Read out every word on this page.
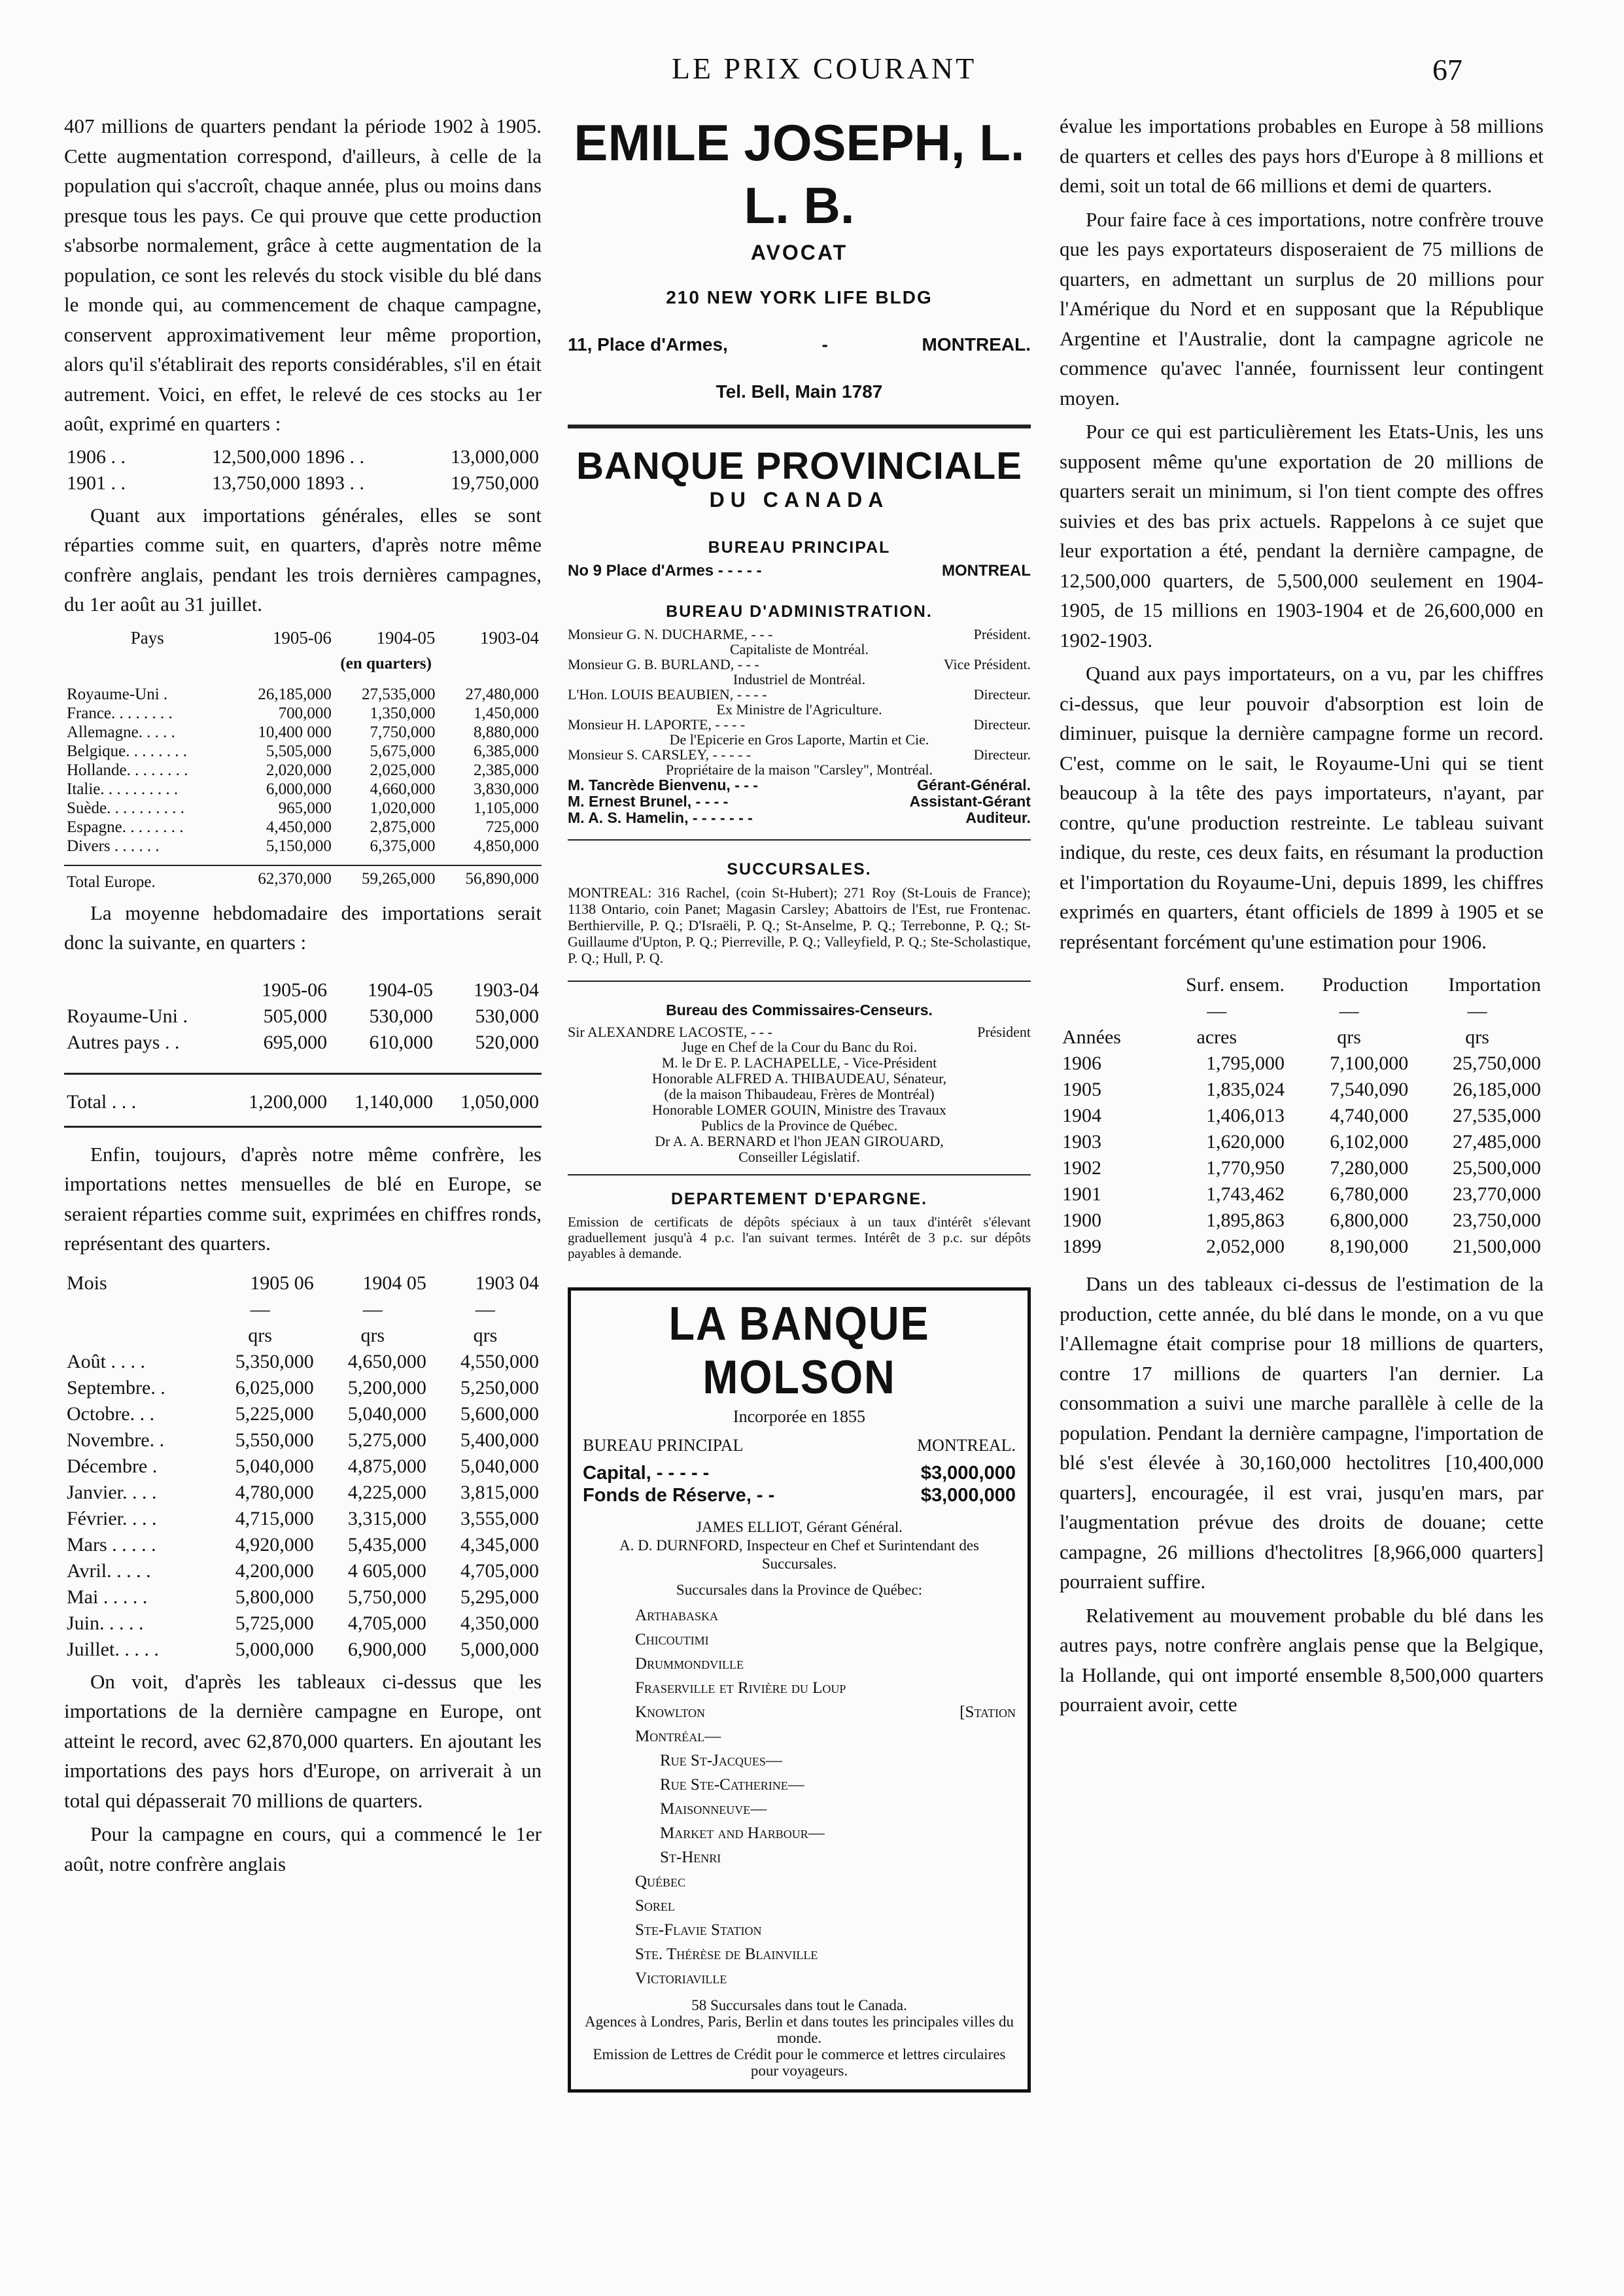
LE PRIX COURANT	67

407 millions de quarters pendant la période 1902 à 1905. Cette augmentation correspond, d'ailleurs, à celle de la population qui s'accroît, chaque année, plus ou moins dans presque tous les pays. Ce qui prouve que cette production s'absorbe normalement, grâce à cette augmentation de la population, ce sont les relevés du stock visible du blé dans le monde qui, au commencement de chaque campagne, conservent approximativement leur même proportion, alors qu'il s'établirait des reports considérables, s'il en était autrement. Voici, en effet, le relevé de ces stocks au 1er août, exprimé en quarters :

1906 . .	12,500,000	1896 . .	13,000,000
1901 . .	13,750,000	1893 . .	19,750,000

Quant aux importations générales, elles se sont réparties comme suit, en quarters, d'après notre même confrère anglais, pendant les trois dernières campagnes, du 1er août au 31 juillet.

Pays	1905-06	1904-05	1903-04
	(en quarters)		
Royaume-Uni .	26,185,000	27,535,000	27,480,000
France. . . . . . . .	700,000	1,350,000	1,450,000
Allemagne. . . . .	10,400 000	7,750,000	8,880,000
Belgique. . . . . . . .	5,505,000	5,675,000	6,385,000
Hollande. . . . . . . .	2,020,000	2,025,000	2,385,000
Italie. . . . . . . . . .	6,000,000	4,660,000	3,830,000
Suède. . . . . . . . . .	965,000	1,020,000	1,105,000
Espagne. . . . . . . .	4,450,000	2,875,000	725,000
Divers . . . . . .	5,150,000	6,375,000	4,850,000

Total Europe.	62,370,000	59,265,000	56,890,000

La moyenne hebdomadaire des importations serait donc la suivante, en quarters :

	1905-06	1904-05	1903-04
Royaume-Uni .	505,000	530,000	530,000
Autres pays . .	695,000	610,000	520,000

Total . . .	1,200,000	1,140,000	1,050,000

Enfin, toujours, d'après notre même confrère, les importations nettes mensuelles de blé en Europe, se seraient réparties comme suit, exprimées en chiffres ronds, représentant des quarters.

Mois	1905 06	1904 05	1903 04
	—	—	—
	qrs	qrs	qrs
Août . . . .	5,350,000	4,650,000	4,550,000
Septembre. .	6,025,000	5,200,000	5,250,000
Octobre. . .	5,225,000	5,040,000	5,600,000
Novembre. .	5,550,000	5,275,000	5,400,000
Décembre .	5,040,000	4,875,000	5,040,000
Janvier. . . .	4,780,000	4,225,000	3,815,000
Février. . . .	4,715,000	3,315,000	3,555,000
Mars . . . . .	4,920,000	5,435,000	4,345,000
Avril. . . . .	4,200,000	4 605,000	4,705,000
Mai . . . . .	5,800,000	5,750,000	5,295,000
Juin. . . . .	5,725,000	4,705,000	4,350,000
Juillet. . . . .	5,000,000	6,900,000	5,000,000

On voit, d'après les tableaux ci-dessus que les importations de la dernière campagne en Europe, ont atteint le record, avec 62,870,000 quarters. En ajoutant les importations des pays hors d'Europe, on arriverait à un total qui dépasserait 70 millions de quarters.

Pour la campagne en cours, qui a commencé le 1er août, notre confrère anglais

EMILE JOSEPH, L. L. B.

AVOCAT

210 NEW YORK LIFE BLDG

11, Place d'Armes,	-	MONTREAL.

Tel. Bell, Main 1787

BANQUE PROVINCIALE

DU CANADA

BUREAU PRINCIPAL
No 9 Place d'Armes - - - - -	MONTREAL
BUREAU D'ADMINISTRATION.
Monsieur G. N. DUCHARME, - - -	Président.
Capitaliste de Montréal.
Monsieur G. B. BURLAND, - - -	Vice Président.
Industriel de Montréal.
L'Hon. LOUIS BEAUBIEN, - - - -	Directeur.
Ex Ministre de l'Agriculture.
Monsieur H. LAPORTE, - - - -	Directeur.
De l'Epicerie en Gros Laporte, Martin et Cie.
Monsieur S. CARSLEY, - - - - -	Directeur.
Propriétaire de la maison "Carsley", Montréal.
M. Tancrède Bienvenu, - - -	Gérant-Général.
M. Ernest Brunel, - - - -	Assistant-Gérant
M. A. S. Hamelin, - - - - - - -	Auditeur.
SUCCURSALES.

MONTREAL: 316 Rachel, (coin St-Hubert); 271 Roy (St-Louis de France); 1138 Ontario, coin Panet; Magasin Carsley; Abattoirs de l'Est, rue Frontenac. Berthierville, P. Q.; D'Israëli, P. Q.; St-Anselme, P. Q.; Terrebonne, P. Q.; St-Guillaume d'Upton, P. Q.; Pierreville, P. Q.; Valleyfield, P. Q.; Ste-Scholastique, P. Q.; Hull, P. Q.

Bureau des Commissaires-Censeurs.
Sir ALEXANDRE LACOSTE, - - -	Président

Juge en Chef de la Cour du Banc du Roi.

M. le Dr E. P. LACHAPELLE, - Vice-Président

Honorable ALFRED A. THIBAUDEAU, Sénateur,

(de la maison Thibaudeau, Frères de Montréal)

Honorable LOMER GOUIN, Ministre des Travaux

Publics de la Province de Québec.

Dr A. A. BERNARD et l'hon JEAN GIROUARD,

Conseiller Législatif.

DEPARTEMENT D'EPARGNE.

Emission de certificats de dépôts spéciaux à un taux d'intérêt s'élevant graduellement jusqu'à 4 p.c. l'an suivant termes. Intérêt de 3 p.c. sur dépôts payables à demande.

LA BANQUE MOLSON

Incorporée en 1855

BUREAU PRINCIPAL	MONTREAL.
Capital, - - - - -	$3,000,000
Fonds de Réserve, - -	$3,000,000

JAMES ELLIOT, Gérant Général.

A. D. DURNFORD, Inspecteur en Chef et Surintendant des Succursales.

Succursales dans la Province de Québec:

Arthabaska

Chicoutimi

Drummondville

Fraserville et Rivière du Loup

Knowlton	[Station

Montréal—

Rue St-Jacques—

Rue Ste-Catherine—

Maisonneuve—

Market and Harbour—

St-Henri

Québec

Sorel

Ste-Flavie Station

Ste. Thérèse de Blainville

Victoriaville

58 Succursales dans tout le Canada.

Agences à Londres, Paris, Berlin et dans toutes les principales villes du monde.

Emission de Lettres de Crédit pour le commerce et lettres circulaires pour voyageurs.

évalue les importations probables en Europe à 58 millions de quarters et celles des pays hors d'Europe à 8 millions et demi, soit un total de 66 millions et demi de quarters.

Pour faire face à ces importations, notre confrère trouve que les pays exportateurs disposeraient de 75 millions de quarters, en admettant un surplus de 20 millions pour l'Amérique du Nord et en supposant que la République Argentine et l'Australie, dont la campagne agricole ne commence qu'avec l'année, fournissent leur contingent moyen.

Pour ce qui est particulièrement les Etats-Unis, les uns supposent même qu'une exportation de 20 millions de quarters serait un minimum, si l'on tient compte des offres suivies et des bas prix actuels. Rappelons à ce sujet que leur exportation a été, pendant la dernière campagne, de 12,500,000 quarters, de 5,500,000 seulement en 1904-1905, de 15 millions en 1903-1904 et de 26,600,000 en 1902-1903.

Quand aux pays importateurs, on a vu, par les chiffres ci-dessus, que leur pouvoir d'absorption est loin de diminuer, puisque la dernière campagne forme un record. C'est, comme on le sait, le Royaume-Uni qui se tient beaucoup à la tête des pays importateurs, n'ayant, par contre, qu'une production restreinte. Le tableau suivant indique, du reste, ces deux faits, en résumant la production et l'importation du Royaume-Uni, depuis 1899, les chiffres exprimés en quarters, étant officiels de 1899 à 1905 et se représentant forcément qu'une estimation pour 1906.

	Surf. ensem.	Production	Importation
	—	—	—
Années	acres	qrs	qrs
1906	1,795,000	7,100,000	25,750,000
1905	1,835,024	7,540,090	26,185,000
1904	1,406,013	4,740,000	27,535,000
1903	1,620,000	6,102,000	27,485,000
1902	1,770,950	7,280,000	25,500,000
1901	1,743,462	6,780,000	23,770,000
1900	1,895,863	6,800,000	23,750,000
1899	2,052,000	8,190,000	21,500,000

Dans un des tableaux ci-dessus de l'estimation de la production, cette année, du blé dans le monde, on a vu que l'Allemagne était comprise pour 18 millions de quarters, contre 17 millions de quarters l'an dernier. La consommation a suivi une marche parallèle à celle de la population. Pendant la dernière campagne, l'importation de blé s'est élevée à 30,160,000 hectolitres [10,400,000 quarters], encouragée, il est vrai, jusqu'en mars, par l'augmentation prévue des droits de douane; cette campagne, 26 millions d'hectolitres [8,966,000 quarters] pourraient suffire.

Relativement au mouvement probable du blé dans les autres pays, notre confrère anglais pense que la Belgique, la Hollande, qui ont importé ensemble 8,500,000 quarters pourraient avoir, cette
